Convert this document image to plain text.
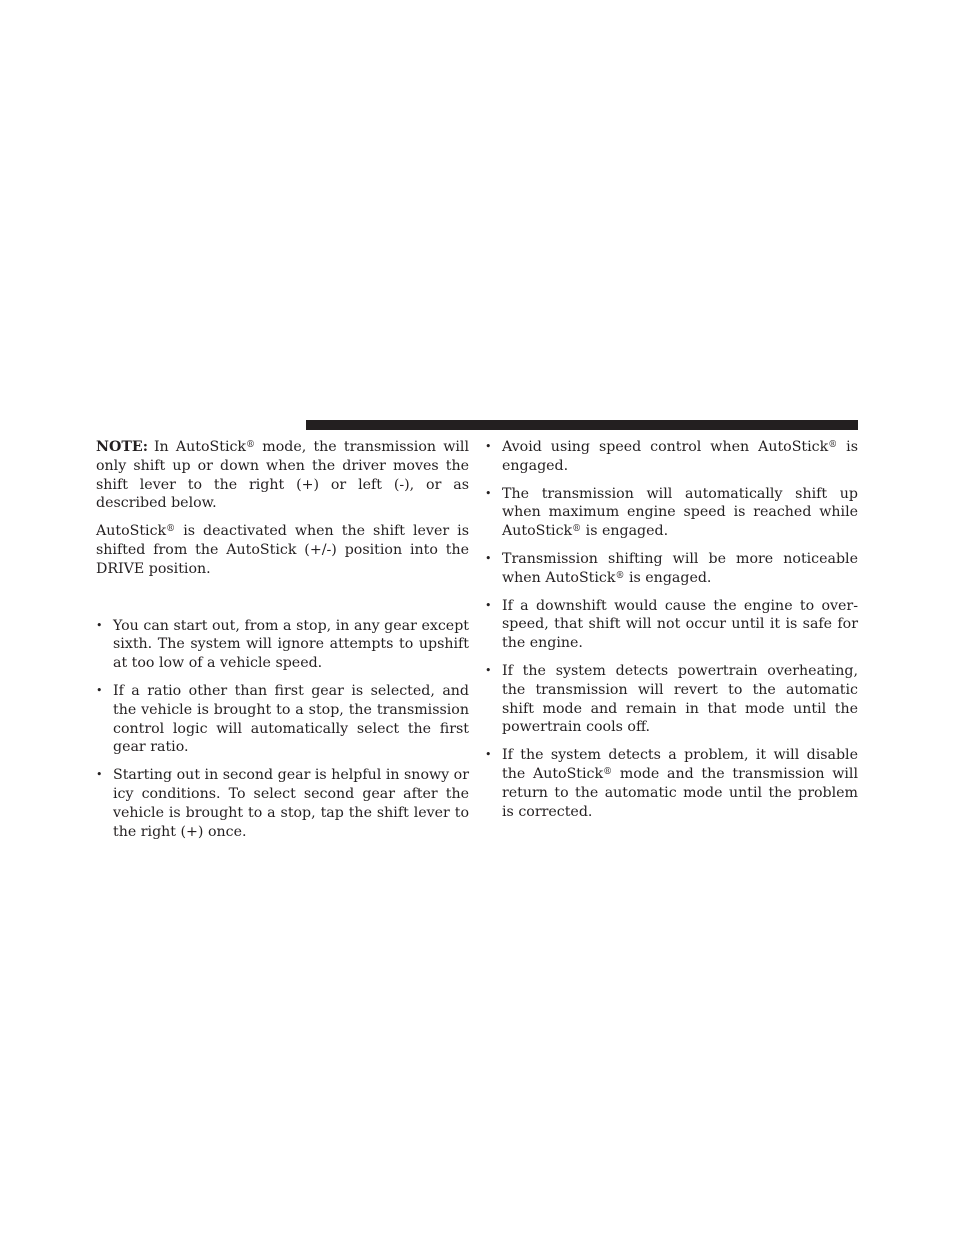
NOTE: In AutoStick® mode, the transmission will only shift up or down when the driver moves the shift lever to the right (+) or left (-), or as described below.

AutoStick® is deactivated when the shift lever is shifted from the AutoStick (+/-) position into the DRIVE position.

• You can start out, from a stop, in any gear except sixth. The system will ignore attempts to upshift at too low of a vehicle speed.
• If a ratio other than first gear is selected, and the vehicle is brought to a stop, the transmission control logic will automatically select the first gear ratio.
• Starting out in second gear is helpful in snowy or icy conditions. To select second gear after the vehicle is brought to a stop, tap the shift lever to the right (+) once.
• Avoid using speed control when AutoStick® is engaged.
• The transmission will automatically shift up when maximum engine speed is reached while AutoStick® is engaged.
• Transmission shifting will be more noticeable when AutoStick® is engaged.
• If a downshift would cause the engine to over-speed, that shift will not occur until it is safe for the engine.
• If the system detects powertrain overheating, the transmission will revert to the automatic shift mode and remain in that mode until the powertrain cools off.
• If the system detects a problem, it will disable the AutoStick® mode and the transmission will return to the automatic mode until the problem is corrected.
